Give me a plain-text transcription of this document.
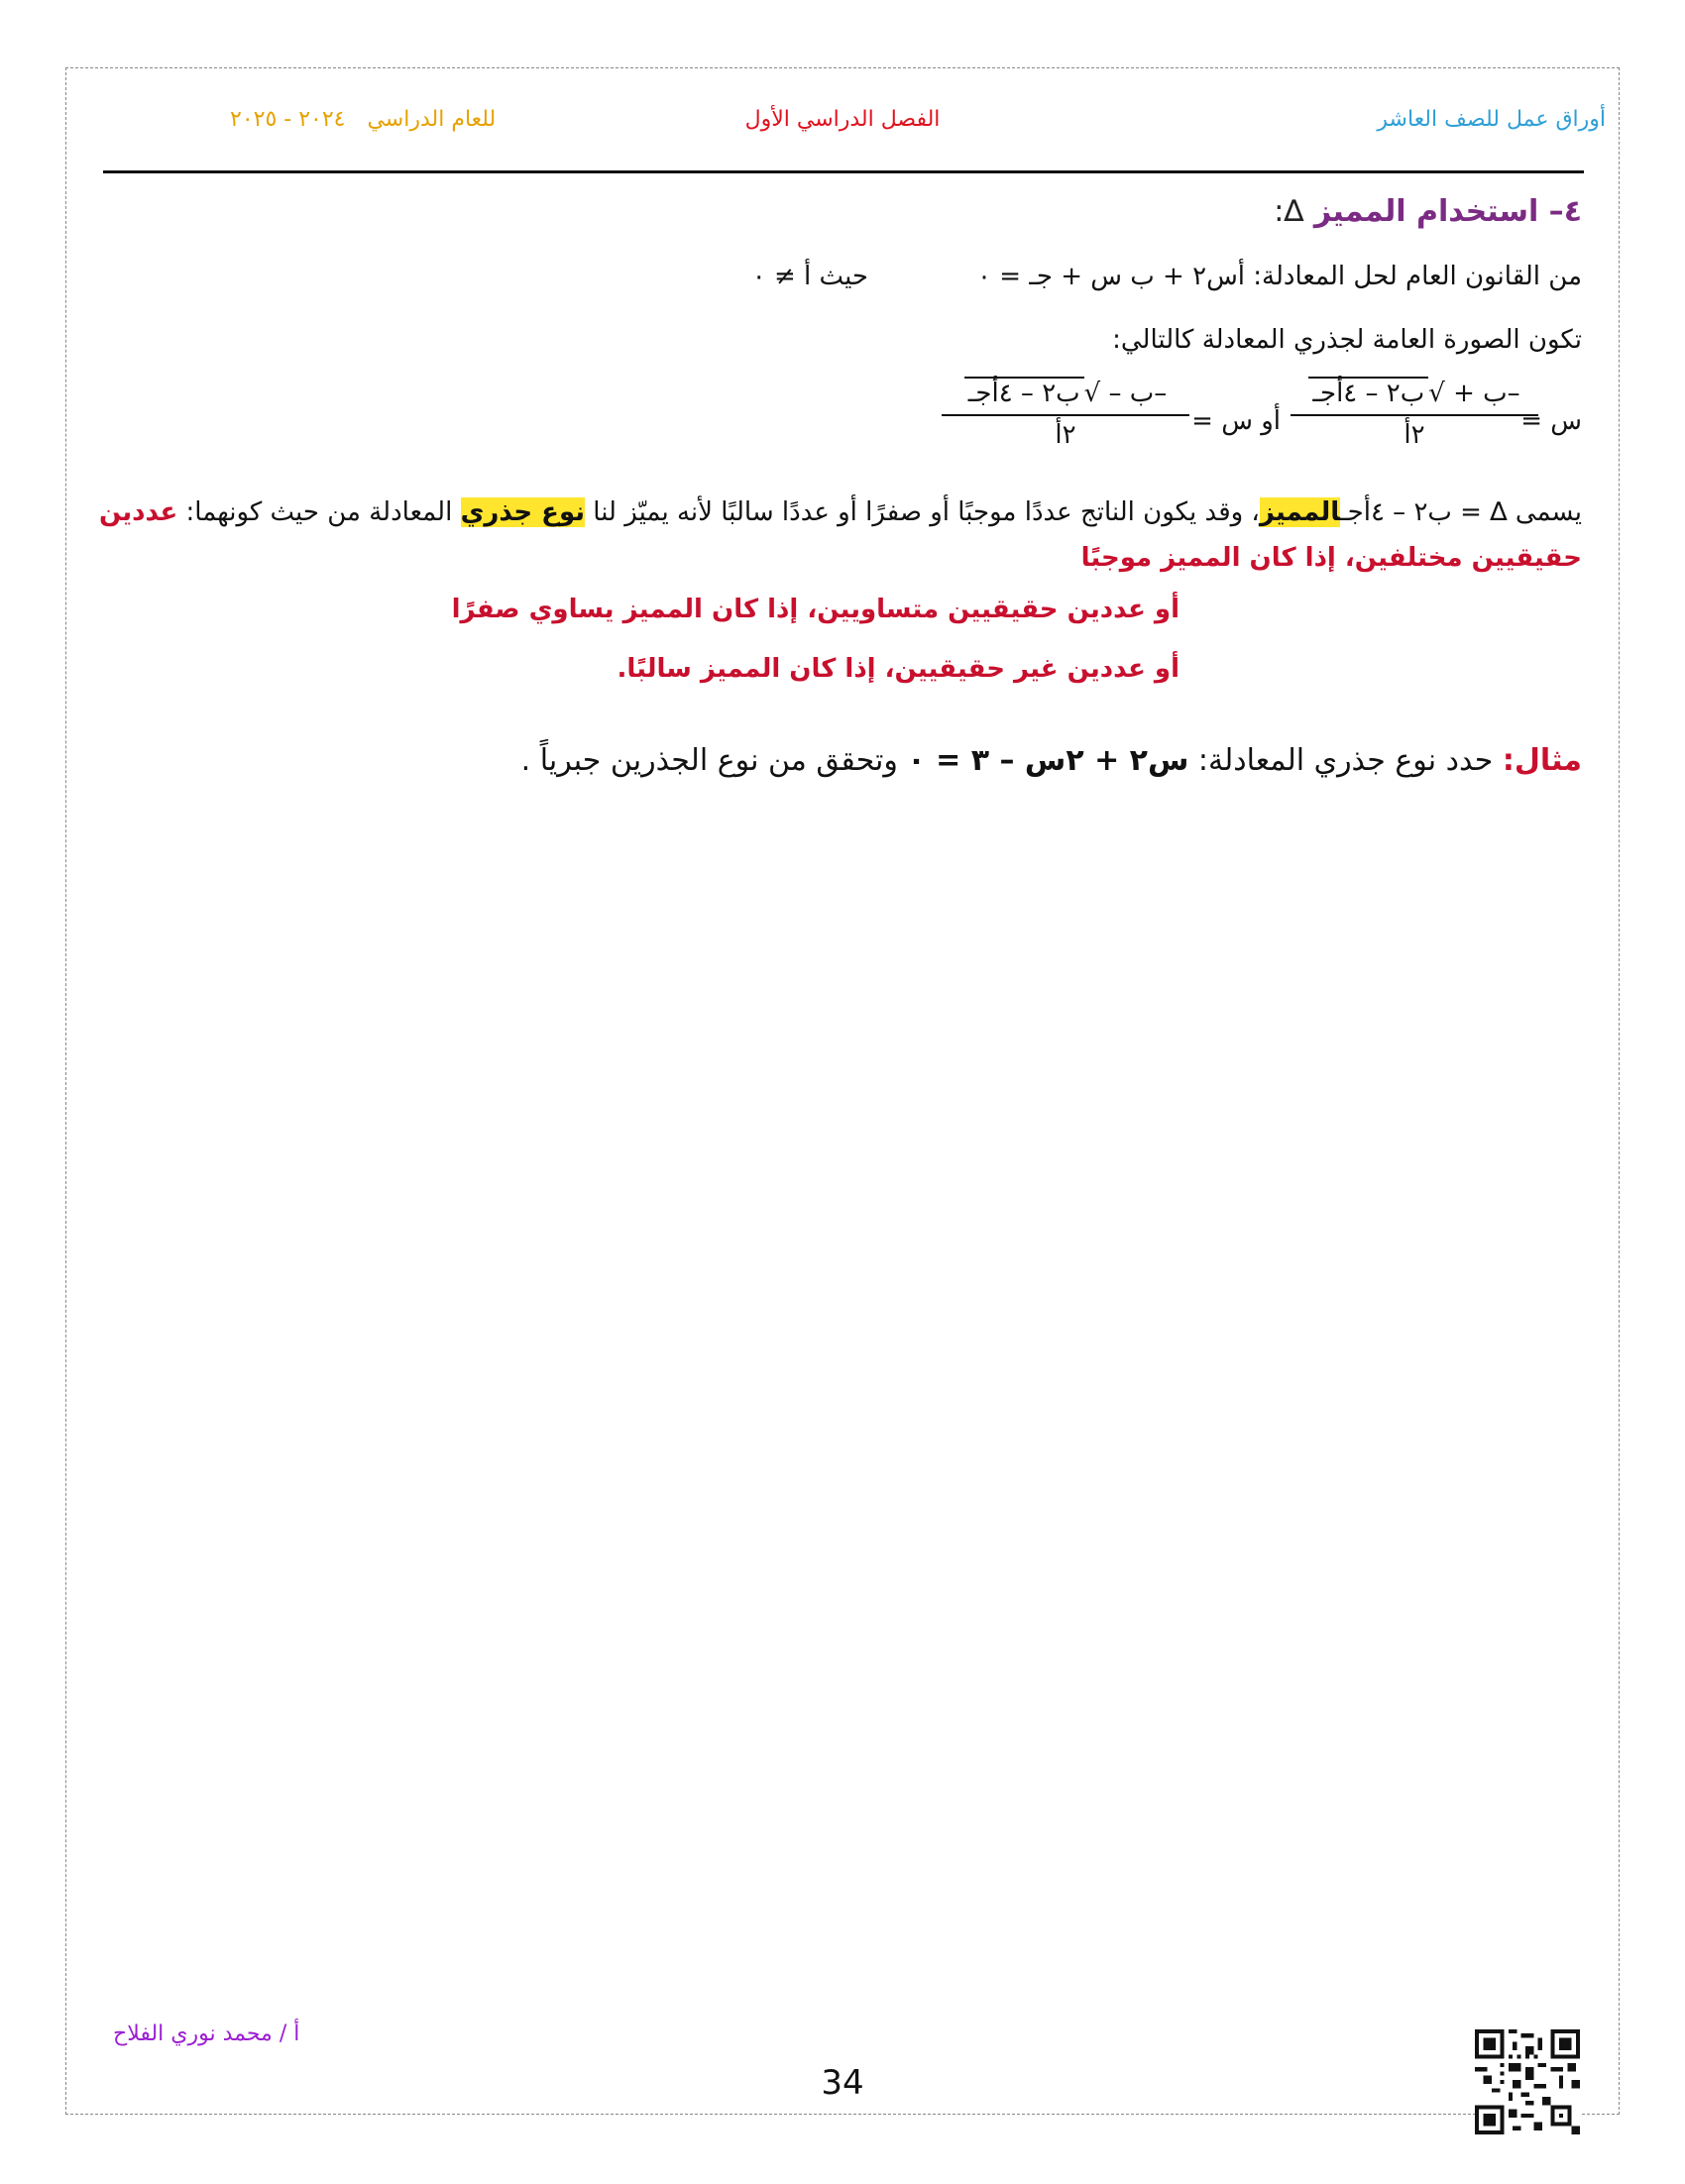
أوراق عمل للصف العاشر
الفصل الدراسي الأول
للعام الدراسي٢٠٢٤ - ٢٠٢٥
٤– استخدام المميز ∆:
من القانون العام لحل المعادلة: أس٢ + ب س + جـ = ٠حيث أ ≠ ٠
تكون الصورة العامة لجذري المعادلة كالتالي:
س =
–ب + √ب٢ – ٤أجـ
٢أ
أو س =
–ب – √ب٢ – ٤أجـ
٢أ
يسمى ∆ = ب٢ – ٤أجـالمميز، وقد يكون الناتج عددًا موجبًا أو صفرًا أو عددًا سالبًا لأنه يميّز لنا نوع جذري المعادلة من حيث كونهما: عددين حقيقيين مختلفين، إذا كان المميز موجبًا
أو عددين حقيقيين متساويين، إذا كان المميز يساوي صفرًا
أو عددين غير حقيقيين، إذا كان المميز سالبًا.
مثال: حدد نوع جذري المعادلة: س٢ + ٢س – ٣ = ٠ وتحقق من نوع الجذرين جبرياً .
أ / محمد نوري الفلاح
34
